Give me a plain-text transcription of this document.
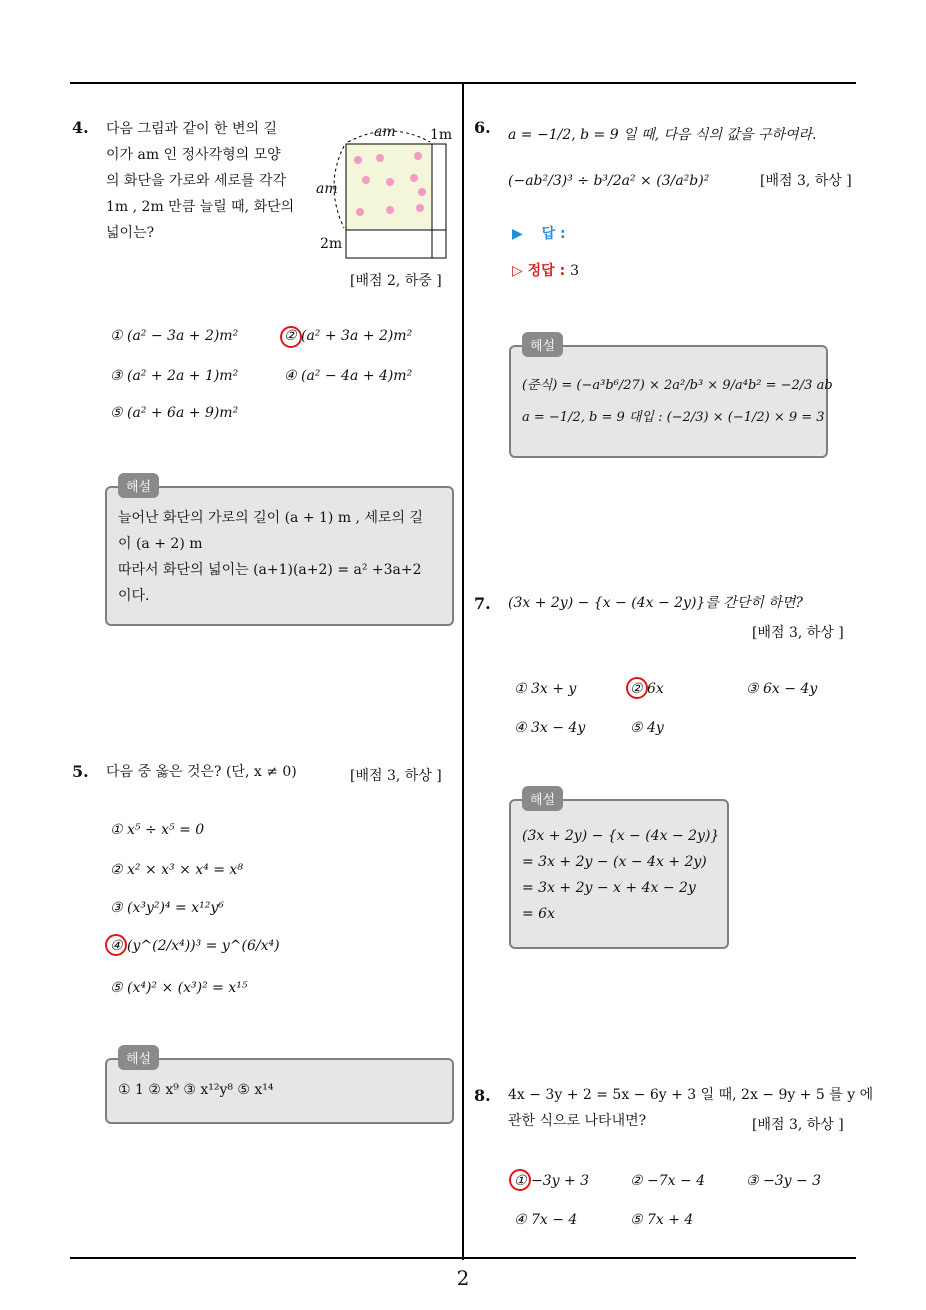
4. 다음 그림과 같이 한 변의 길
이가 am 인 정사각형의 모양
의 화단을 가로와 세로를 각각
1m , 2m 만큼 늘릴 때, 화단의
넓이는?
am 1m
am
2m
[배점 2, 하중 ]
① (a² − 3a + 2)m²	② (a² + 3a + 2)m²
③ (a² + 2a + 1)m²	④ (a² − 4a + 4)m²
⑤ (a² + 6a + 9)m²
해설
늘어난 화단의 가로의 길이 (a + 1) m , 세로의 길
이 (a + 2) m
따라서 화단의 넓이는 (a+1)(a+2) = a² +3a+2
이다.
5. 다음 중 옳은 것은? (단, x ≠ 0)	[배점 3, 하상 ]
① x⁵ ÷ x⁵ = 0
② x² × x³ × x⁴ = x⁸
③ (x³y²)⁴ = x¹²y⁶
④ (y^(2/x⁴))³ = y^(6/x⁴)
⑤ (x⁴)² × (x³)² = x¹⁵
해설
① 1 ② x⁹ ③ x¹²y⁸ ⑤ x¹⁴
6. a = −1/2, b = 9 일 때, 다음 식의 값을 구하여라.
(−ab²/3)³ ÷ b³/2a² × (3/a²b)²	[배점 3, 하상 ]
▶ 답 :
▷ 정답 : 3
해설
(준식) = (−a³b⁶/27) × 2a²/b³ × 9/a⁴b² = −2/3 ab
a = −1/2, b = 9 대입 : (−2/3) × (−1/2) × 9 = 3
7. (3x + 2y) − {x − (4x − 2y)}를 간단히 하면?
[배점 3, 하상 ]
① 3x + y	② 6x	③ 6x − 4y
④ 3x − 4y	⑤ 4y
해설
(3x + 2y) − {x − (4x − 2y)}
= 3x + 2y − (x − 4x + 2y)
= 3x + 2y − x + 4x − 2y
= 6x
8. 4x − 3y + 2 = 5x − 6y + 3 일 때, 2x − 9y + 5 를 y 에
관한 식으로 나타내면?	[배점 3, 하상 ]
① −3y + 3	② −7x − 4	③ −3y − 3
④ 7x − 4	⑤ 7x + 4
2
